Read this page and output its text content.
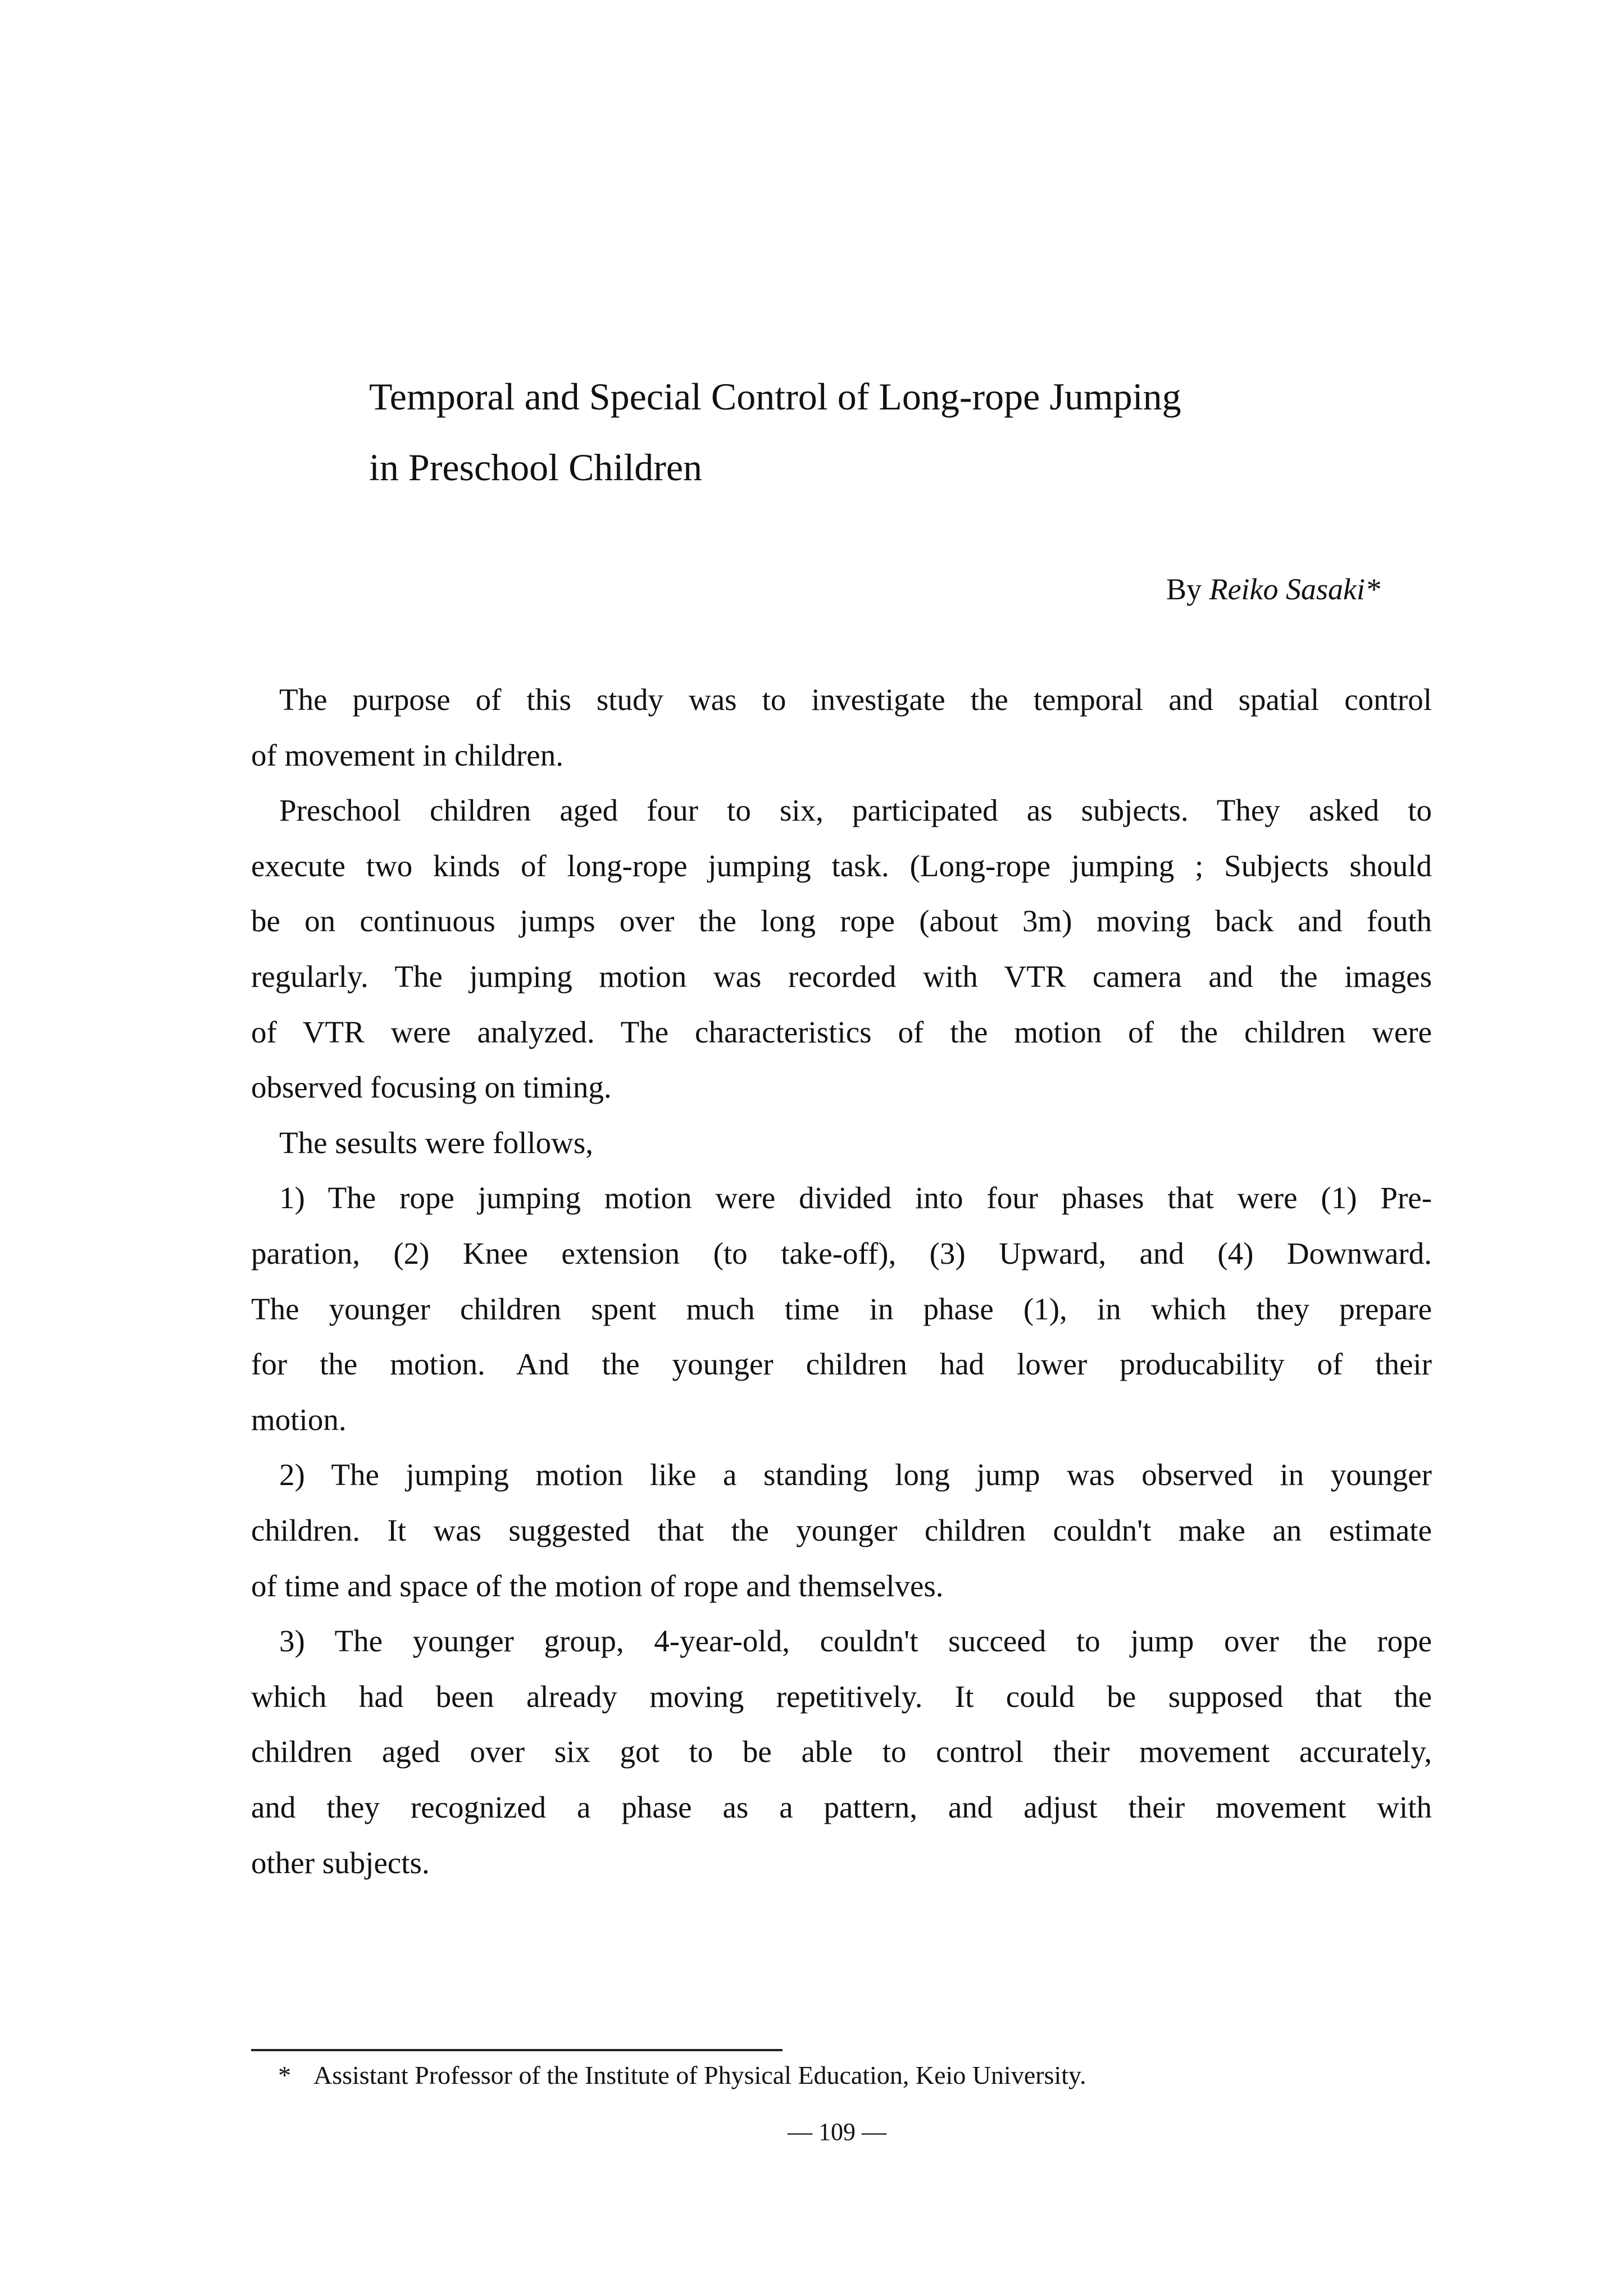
Temporal and Special Control of Long-rope Jumping
in Preschool Children
By Reiko Sasaki*
The purpose of this study was to investigate the temporal and spatial control
of movement in children.
Preschool children aged four to six, participated as subjects. They asked to
execute two kinds of long-rope jumping task. (Long-rope jumping ; Subjects should
be on continuous jumps over the long rope (about 3m) moving back and fouth
regularly. The jumping motion was recorded with VTR camera and the images
of VTR were analyzed. The characteristics of the motion of the children were
observed focusing on timing.
The sesults were follows,
1) The rope jumping motion were divided into four phases that were (1) Pre-
paration, (2) Knee extension (to take-off), (3) Upward, and (4) Downward.
The younger children spent much time in phase (1), in which they prepare
for the motion. And the younger children had lower producability of their
motion.
2) The jumping motion like a standing long jump was observed in younger
children. It was suggested that the younger children couldn't make an estimate
of time and space of the motion of rope and themselves.
3) The younger group, 4-year-old, couldn't succeed to jump over the rope
which had been already moving repetitively. It could be supposed that the
children aged over six got to be able to control their movement accurately,
and they recognized a phase as a pattern, and adjust their movement with
other subjects.
* Assistant Professor of the Institute of Physical Education, Keio University.
— 109 —
